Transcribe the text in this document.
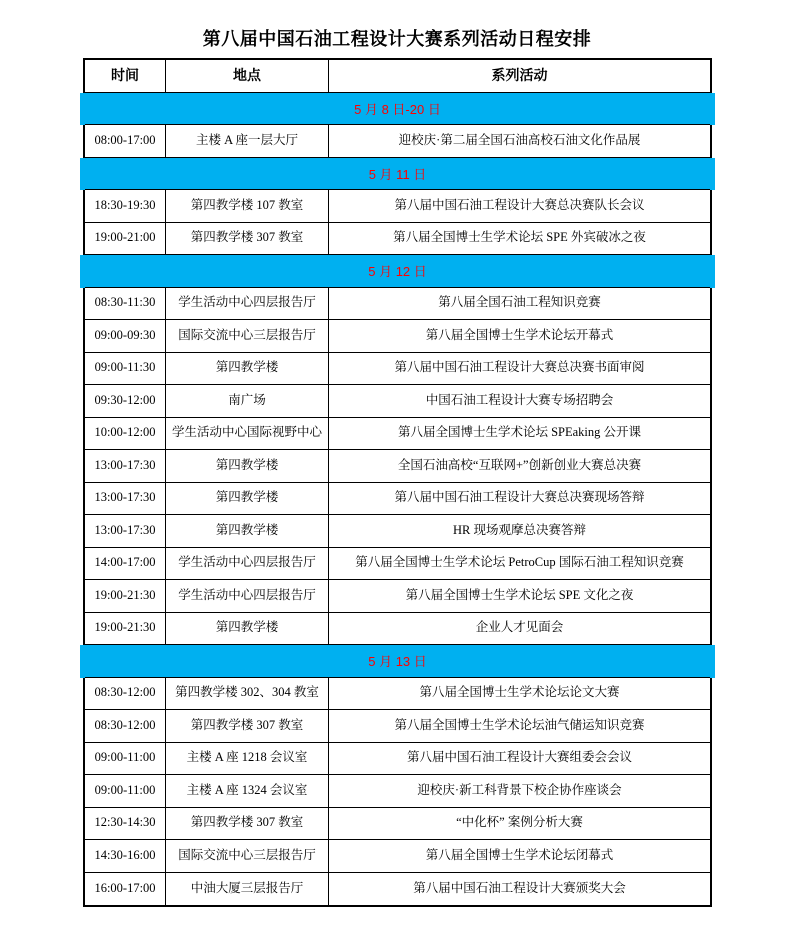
第八届中国石油工程设计大赛系列活动日程安排
时间	地点	系列活动
5 月 8 日-20 日
08:00-17:00	主楼 A 座一层大厅	迎校庆·第二届全国石油高校石油文化作品展
5 月 11 日
18:30-19:30	第四教学楼 107 教室	第八届中国石油工程设计大赛总决赛队长会议
19:00-21:00	第四教学楼 307 教室	第八届全国博士生学术论坛 SPE 外宾破冰之夜
5 月 12 日
08:30-11:30	学生活动中心四层报告厅	第八届全国石油工程知识竞赛
09:00-09:30	国际交流中心三层报告厅	第八届全国博士生学术论坛开幕式
09:00-11:30	第四教学楼	第八届中国石油工程设计大赛总决赛书面审阅
09:30-12:00	南广场	中国石油工程设计大赛专场招聘会
10:00-12:00	学生活动中心国际视野中心	第八届全国博士生学术论坛 SPEaking 公开课
13:00-17:30	第四教学楼	全国石油高校“互联网+”创新创业大赛总决赛
13:00-17:30	第四教学楼	第八届中国石油工程设计大赛总决赛现场答辩
13:00-17:30	第四教学楼	HR 现场观摩总决赛答辩
14:00-17:00	学生活动中心四层报告厅	第八届全国博士生学术论坛 PetroCup 国际石油工程知识竞赛
19:00-21:30	学生活动中心四层报告厅	第八届全国博士生学术论坛 SPE 文化之夜
19:00-21:30	第四教学楼	企业人才见面会
5 月 13 日
08:30-12:00	第四教学楼 302、304 教室	第八届全国博士生学术论坛论文大赛
08:30-12:00	第四教学楼 307 教室	第八届全国博士生学术论坛油气储运知识竞赛
09:00-11:00	主楼 A 座 1218 会议室	第八届中国石油工程设计大赛组委会会议
09:00-11:00	主楼 A 座 1324 会议室	迎校庆·新工科背景下校企协作座谈会
12:30-14:30	第四教学楼 307 教室	“中化杯” 案例分析大赛
14:30-16:00	国际交流中心三层报告厅	第八届全国博士生学术论坛闭幕式
16:00-17:00	中油大厦三层报告厅	第八届中国石油工程设计大赛颁奖大会
